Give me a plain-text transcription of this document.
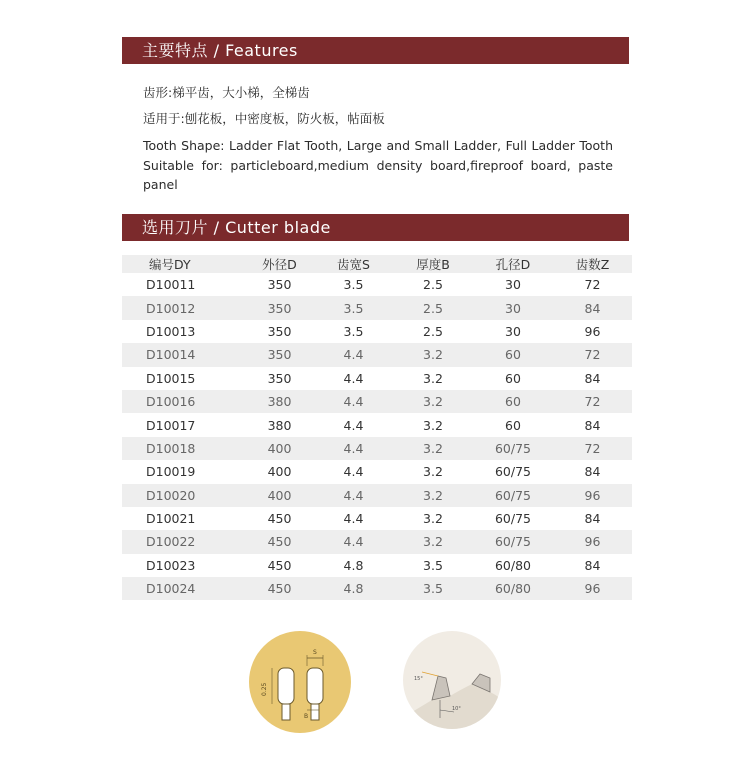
主要特点 / Features
齿形:梯平齿，大小梯，全梯齿
适用于:刨花板，中密度板，防火板，帖面板
Tooth Shape: Ladder Flat Tooth, Large and Small Ladder, Full Ladder Tooth
Suitable for: particleboard,medium density board,fireproof board, paste
panel
选用刀片 / Cutter blade
编号DY	外径D	齿宽S	厚度B	孔径D	齿数Z
D10011	350	3.5	2.5	30	72
D10012	350	3.5	2.5	30	84
D10013	350	3.5	2.5	30	96
D10014	350	4.4	3.2	60	72
D10015	350	4.4	3.2	60	84
D10016	380	4.4	3.2	60	72
D10017	380	4.4	3.2	60	84
D10018	400	4.4	3.2	60/75	72
D10019	400	4.4	3.2	60/75	84
D10020	400	4.4	3.2	60/75	96
D10021	450	4.4	3.2	60/75	84
D10022	450	4.4	3.2	60/75	96
D10023	450	4.8	3.5	60/80	84
D10024	450	4.8	3.5	60/80	96
S
B
0.25
15°
10°
